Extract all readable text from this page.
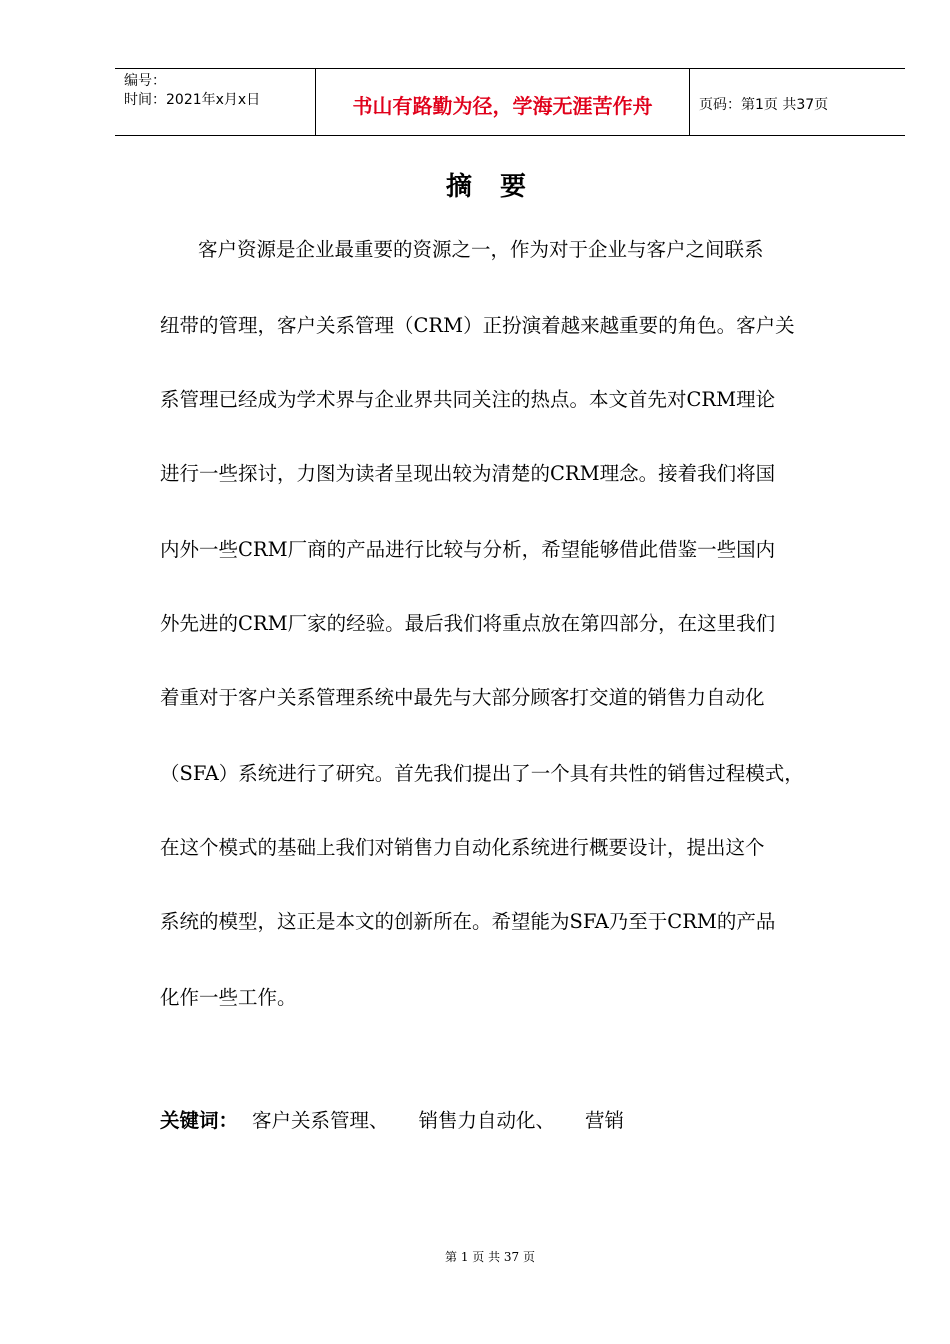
编号：
时间：2021年x月x日	书山有路勤为径，学海无涯苦作舟	页码：第1页 共37页
摘要
客户资源是企业最重要的资源之一，作为对于企业与客户之间联系
纽带的管理，客户关系管理（CRM）正扮演着越来越重要的角色。客户关
系管理已经成为学术界与企业界共同关注的热点。本文首先对CRM理论
进行一些探讨，力图为读者呈现出较为清楚的CRM理念。接着我们将国
内外一些CRM厂商的产品进行比较与分析，希望能够借此借鉴一些国内
外先进的CRM厂家的经验。最后我们将重点放在第四部分，在这里我们
着重对于客户关系管理系统中最先与大部分顾客打交道的销售力自动化
（SFA）系统进行了研究。首先我们提出了一个具有共性的销售过程模式，
在这个模式的基础上我们对销售力自动化系统进行概要设计，提出这个
系统的模型，这正是本文的创新所在。希望能为SFA乃至于CRM的产品
化作一些工作。
关键词： 客户关系管理、 销售力自动化、 营销
第 1 页 共 37 页
